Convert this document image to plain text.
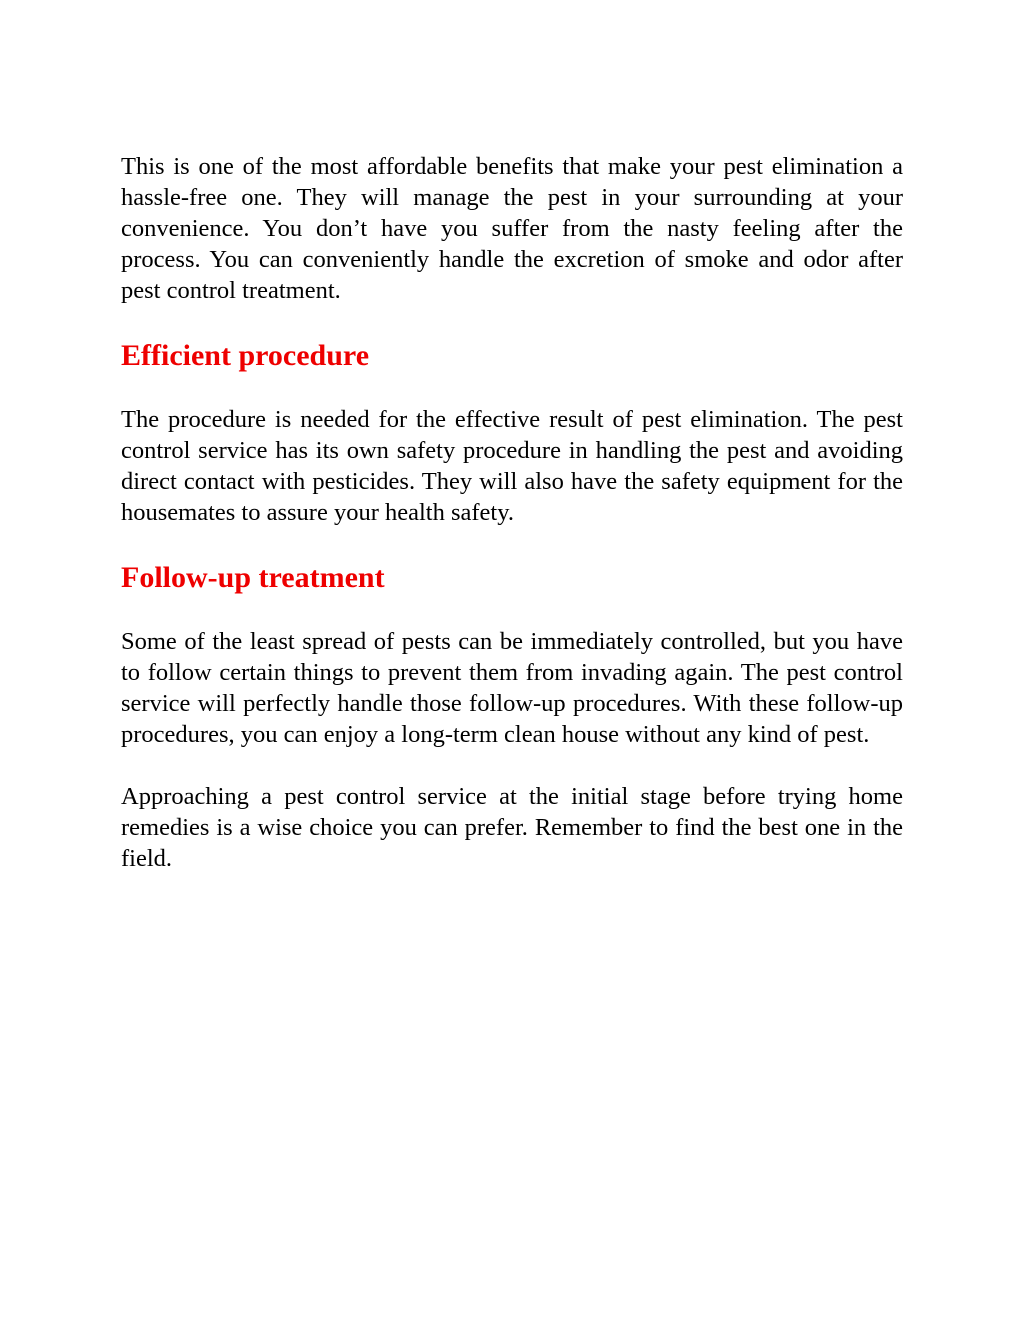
This is one of the most affordable benefits that make your pest elimination a hassle-free one. They will manage the pest in your surrounding at your convenience. You don’t have you suffer from the nasty feeling after the process. You can conveniently handle the excretion of smoke and odor after pest control treatment.

Efficient procedure

The procedure is needed for the effective result of pest elimination. The pest control service has its own safety procedure in handling the pest and avoiding direct contact with pesticides. They will also have the safety equipment for the housemates to assure your health safety.

Follow-up treatment

Some of the least spread of pests can be immediately controlled, but you have to follow certain things to prevent them from invading again. The pest control service will perfectly handle those follow-up procedures. With these follow-up procedures, you can enjoy a long-term clean house without any kind of pest.

Approaching a pest control service at the initial stage before trying home remedies is a wise choice you can prefer. Remember to find the best one in the field.
